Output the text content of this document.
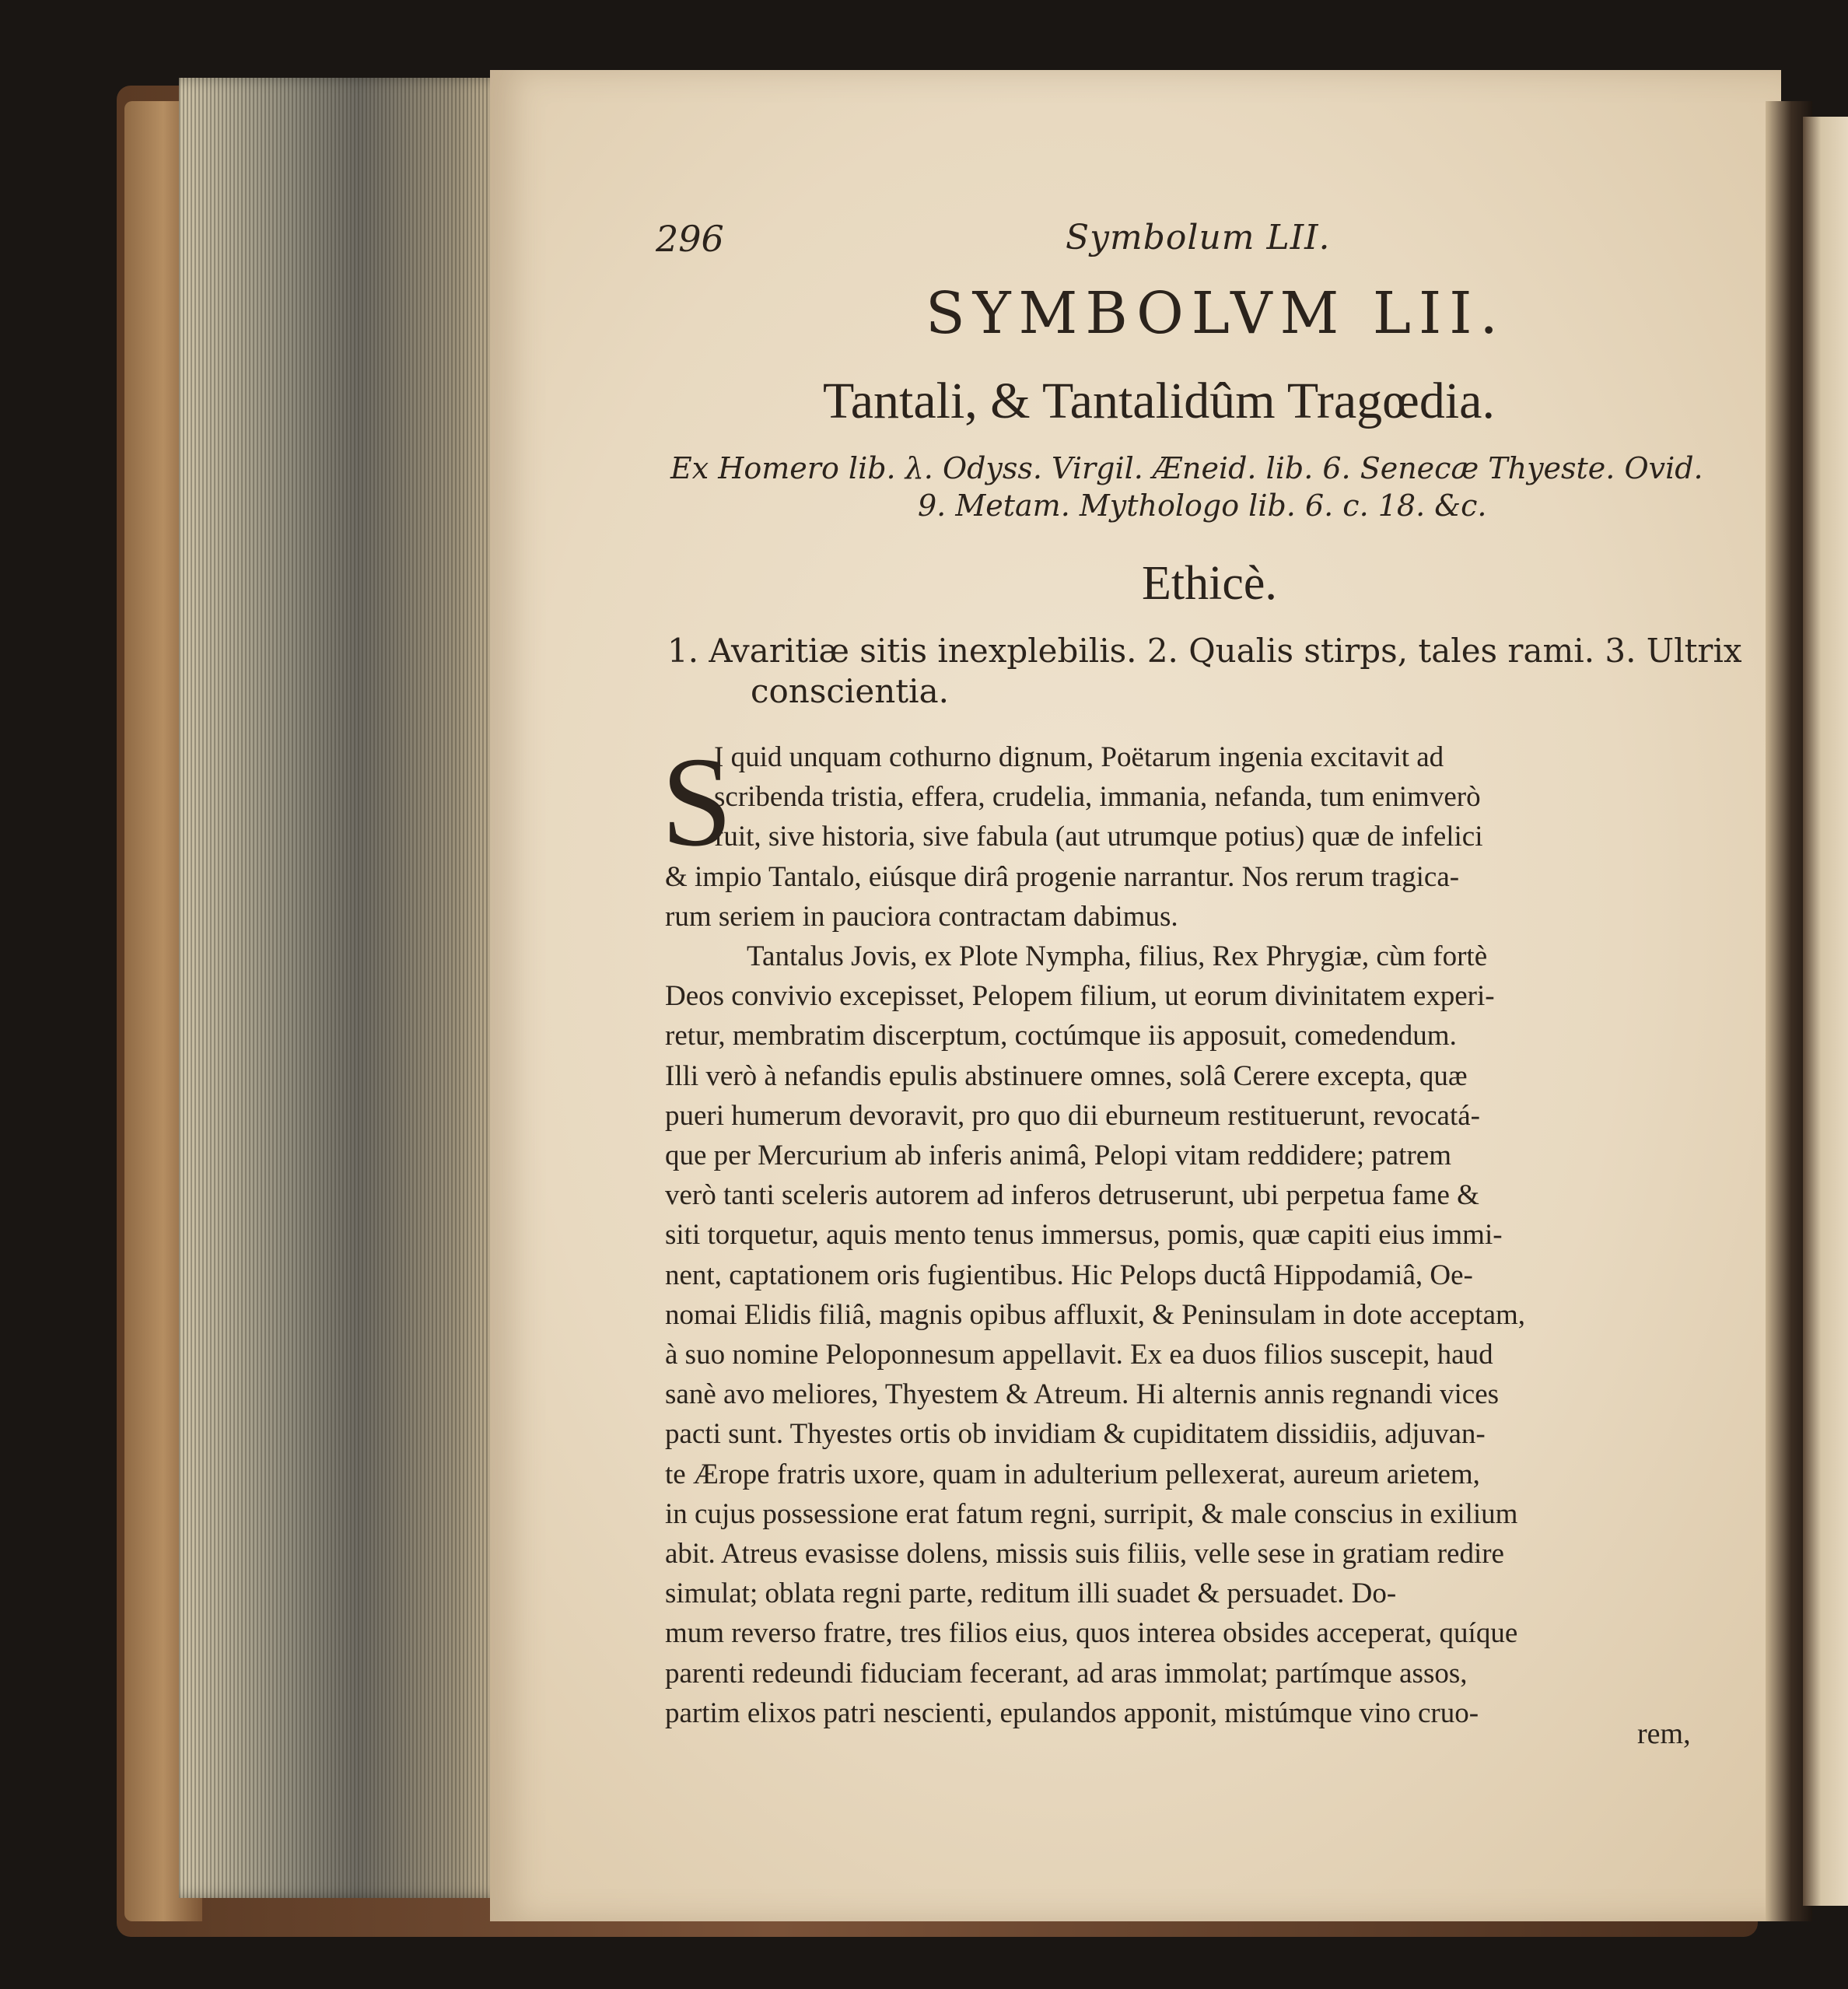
296	Symbolum LII.

SYMBOLVM LII.

Tantali, & Tantalidûm Tragœdia.

Ex Homero lib. λ. Odyss. Virgil. Æneid. lib. 6. Senecæ Thyeste. Ovid.

9. Metam. Mythologo lib. 6. c. 18. &c.

Ethicè.

1. Avaritiæ sitis inexplebilis. 2. Qualis stirps, tales rami. 3. Ultrix

conscientia.

S

I quid unquam cothurno dignum, Poëtarum ingenia excitavit ad

scribenda tristia, effera, crudelia, immania, nefanda, tum enimverò

fuit, sive historia, sive fabula (aut utrumque potius) quæ de infelici

& impio Tantalo, eiúsque dirâ progenie narrantur. Nos rerum tragica-

rum seriem in pauciora contractam dabimus.

Tantalus Jovis, ex Plote Nympha, filius, Rex Phrygiæ, cùm fortè

Deos convivio excepisset, Pelopem filium, ut eorum divinitatem experi-

retur, membratim discerptum, coctúmque iis apposuit, comedendum.

Illi verò à nefandis epulis abstinuere omnes, solâ Cerere excepta, quæ

pueri humerum devoravit, pro quo dii eburneum restituerunt, revocatá-

que per Mercurium ab inferis animâ, Pelopi vitam reddidere; patrem

verò tanti sceleris autorem ad inferos detruserunt, ubi perpetua fame &

siti torquetur, aquis mento tenus immersus, pomis, quæ capiti eius immi-

nent, captationem oris fugientibus. Hic Pelops ductâ Hippodamiâ, Oe-

nomai Elidis filiâ, magnis opibus affluxit, & Peninsulam in dote acceptam,

à suo nomine Peloponnesum appellavit. Ex ea duos filios suscepit, haud

sanè avo meliores, Thyestem & Atreum. Hi alternis annis regnandi vices

pacti sunt. Thyestes ortis ob invidiam & cupiditatem dissidiis, adjuvan-

te Ærope fratris uxore, quam in adulterium pellexerat, aureum arietem,

in cujus possessione erat fatum regni, surripit, & male conscius in exilium

abit. Atreus evasisse dolens, missis suis filiis, velle sese in gratiam redire

simulat; oblata regni parte, reditum illi suadet & persuadet. Do-

mum reverso fratre, tres filios eius, quos interea obsides acceperat, quíque

parenti redeundi fiduciam fecerant, ad aras immolat; partímque assos,

partim elixos patri nescienti, epulandos apponit, mistúmque vino cruo-

rem,
